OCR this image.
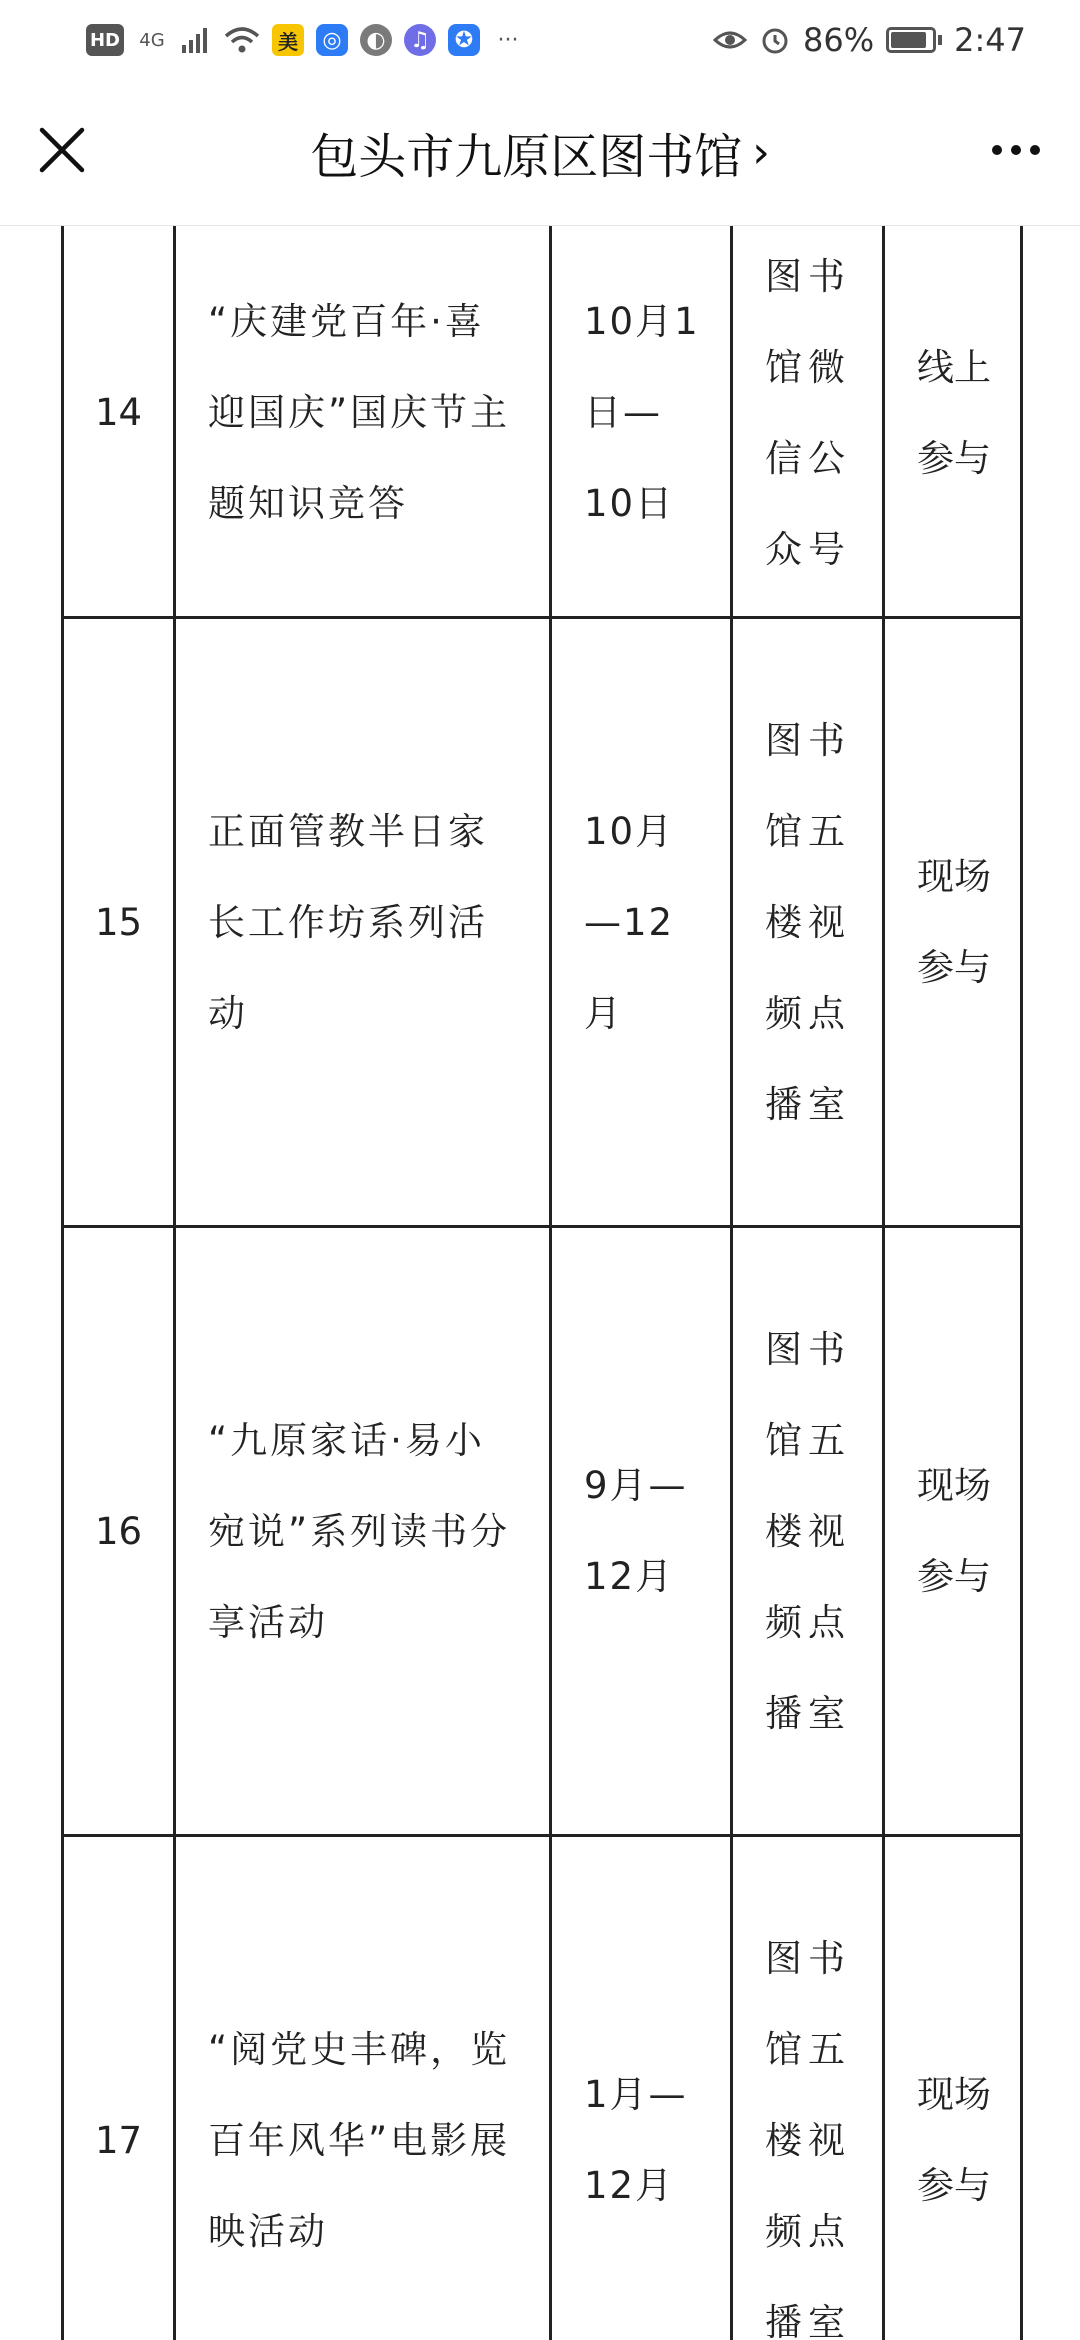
HD 4G	美 ◎ ◐ ♫	✪	···	86%	2:47
包头市九原区图书馆 ›
14	“庆建党百年·喜迎国庆”国庆节主题知识竞答	10月1日—10日	图书馆微信公众号	线上参与
15	正面管教半日家长工作坊系列活动	10月—12月	图书馆五楼视频点播室	现场参与
16	“九原家话·易小宛说”系列读书分享活动	9月—12月	图书馆五楼视频点播室	现场参与
17	“阅党史丰碑，览百年风华”电影展映活动	1月—12月	图书馆五楼视频点播室	现场参与
